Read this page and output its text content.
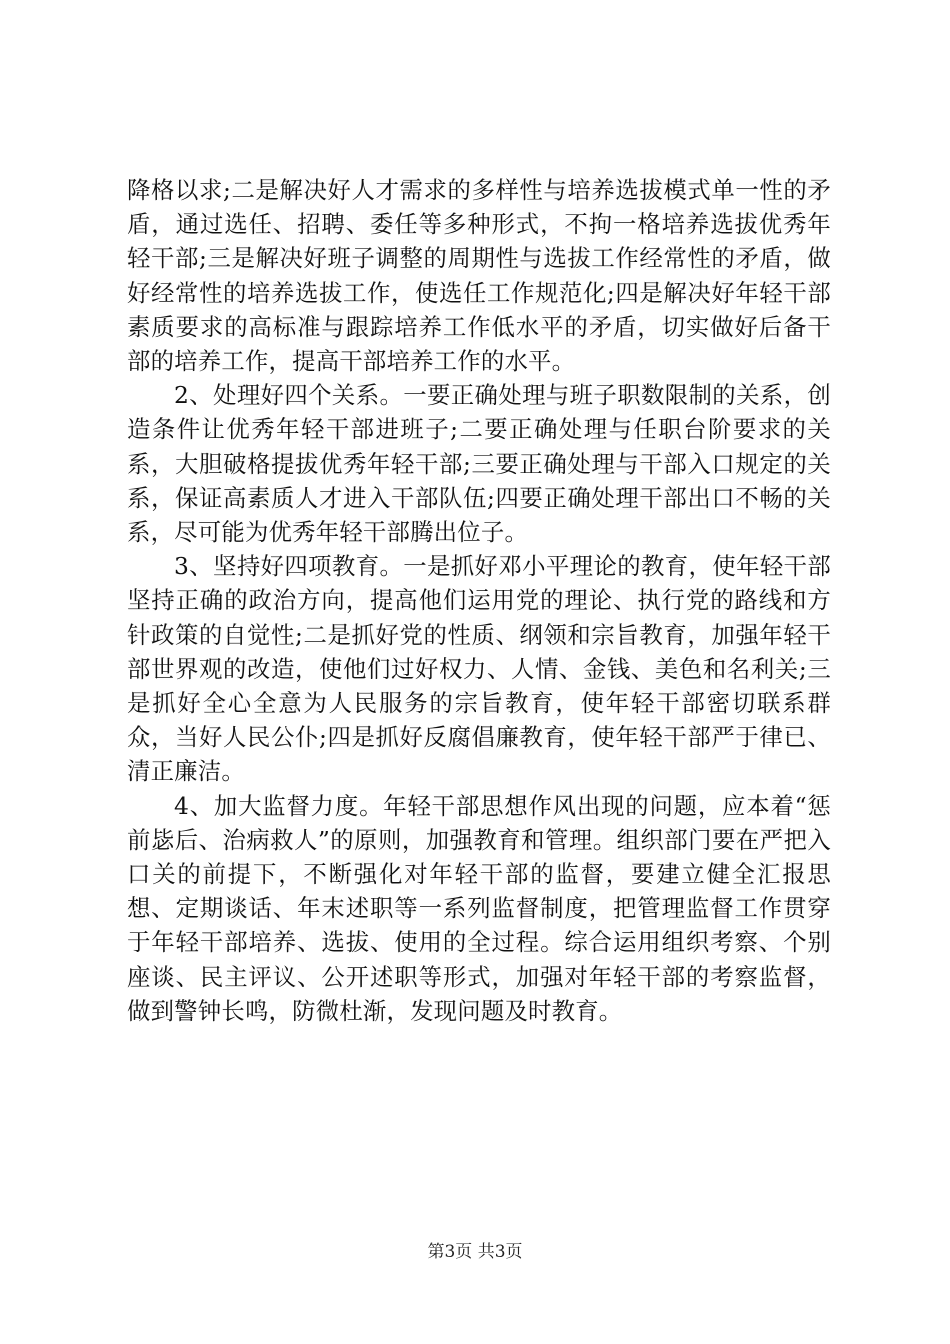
降格以求;二是解决好人才需求的多样性与培养选拔模式单一性的矛盾，通过选任、招聘、委任等多种形式，不拘一格培养选拔优秀年轻干部;三是解决好班子调整的周期性与选拔工作经常性的矛盾，做好经常性的培养选拔工作，使选任工作规范化;四是解决好年轻干部素质要求的高标准与跟踪培养工作低水平的矛盾，切实做好后备干部的培养工作，提高干部培养工作的水平。

2、处理好四个关系。一要正确处理与班子职数限制的关系，创造条件让优秀年轻干部进班子;二要正确处理与任职台阶要求的关系，大胆破格提拔优秀年轻干部;三要正确处理与干部入口规定的关系，保证高素质人才进入干部队伍;四要正确处理干部出口不畅的关系，尽可能为优秀年轻干部腾出位子。

3、坚持好四项教育。一是抓好邓小平理论的教育，使年轻干部坚持正确的政治方向，提高他们运用党的理论、执行党的路线和方针政策的自觉性;二是抓好党的性质、纲领和宗旨教育，加强年轻干部世界观的改造，使他们过好权力、人情、金钱、美色和名利关;三是抓好全心全意为人民服务的宗旨教育，使年轻干部密切联系群众，当好人民公仆;四是抓好反腐倡廉教育，使年轻干部严于律已、清正廉洁。

4、加大监督力度。年轻干部思想作风出现的问题，应本着“惩前毖后、治病救人”的原则，加强教育和管理。组织部门要在严把入口关的前提下，不断强化对年轻干部的监督，要建立健全汇报思想、定期谈话、年末述职等一系列监督制度，把管理监督工作贯穿于年轻干部培养、选拔、使用的全过程。综合运用组织考察、个别座谈、民主评议、公开述职等形式，加强对年轻干部的考察监督，做到警钟长鸣，防微杜渐，发现问题及时教育。

第3页 共3页
